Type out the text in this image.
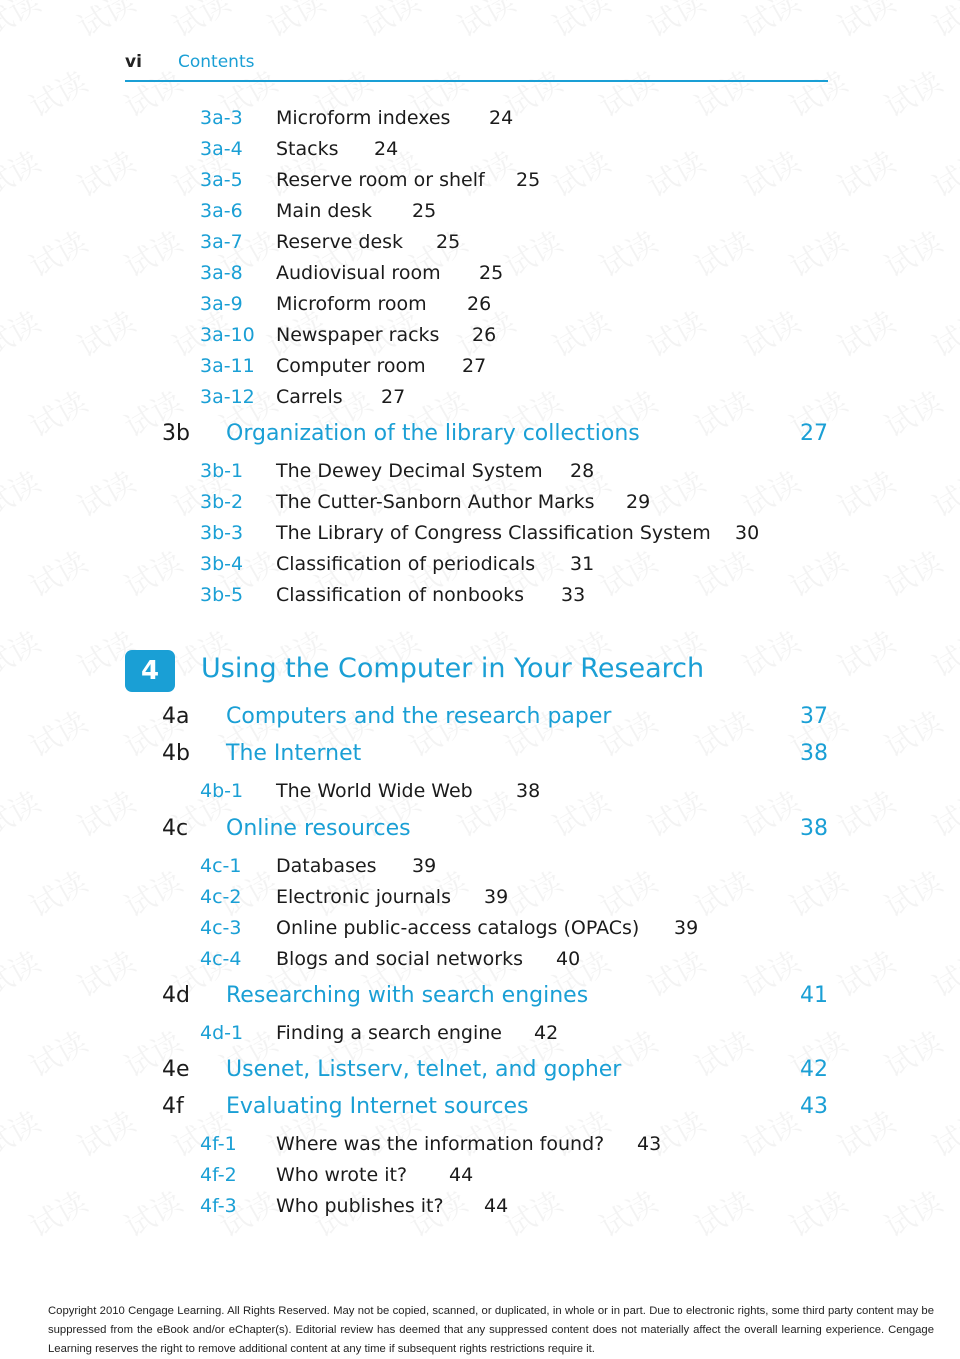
vi Contents
3a-3 Microform indexes 24
3a-4 Stacks 24
3a-5 Reserve room or shelf 25
3a-6 Main desk 25
3a-7 Reserve desk 25
3a-8 Audiovisual room 25
3a-9 Microform room 26
3a-10 Newspaper racks 26
3a-11 Computer room 27
3a-12 Carrels 27
3b Organization of the library collections	27
3b-1 The Dewey Decimal System 28
3b-2 The Cutter-Sanborn Author Marks 29
3b-3 The Library of Congress Classification System 30
3b-4 Classification of periodicals 31
3b-5 Classification of nonbooks 33
4	Using the Computer in Your Research
4a Computers and the research paper	37
4b The Internet	38
4b-1 The World Wide Web 38
4c Online resources	38
4c-1 Databases 39
4c-2 Electronic journals 39
4c-3 Online public-access catalogs (OPACs) 39
4c-4 Blogs and social networks 40
4d Researching with search engines	41
4d-1 Finding a search engine 42
4e Usenet, Listserv, telnet, and gopher	42
4f Evaluating Internet sources	43
4f-1 Where was the information found? 43
4f-2 Who wrote it? 44
4f-3 Who publishes it? 44
Copyright 2010 Cengage Learning. All Rights Reserved. May not be copied, scanned, or duplicated, in whole or in part. Due to electronic rights, some third party content may be suppressed from the eBook and/or eChapter(s). Editorial review has deemed that any suppressed content does not materially affect the overall learning experience. Cengage Learning reserves the right to remove additional content at any time if subsequent rights restrictions require it.
